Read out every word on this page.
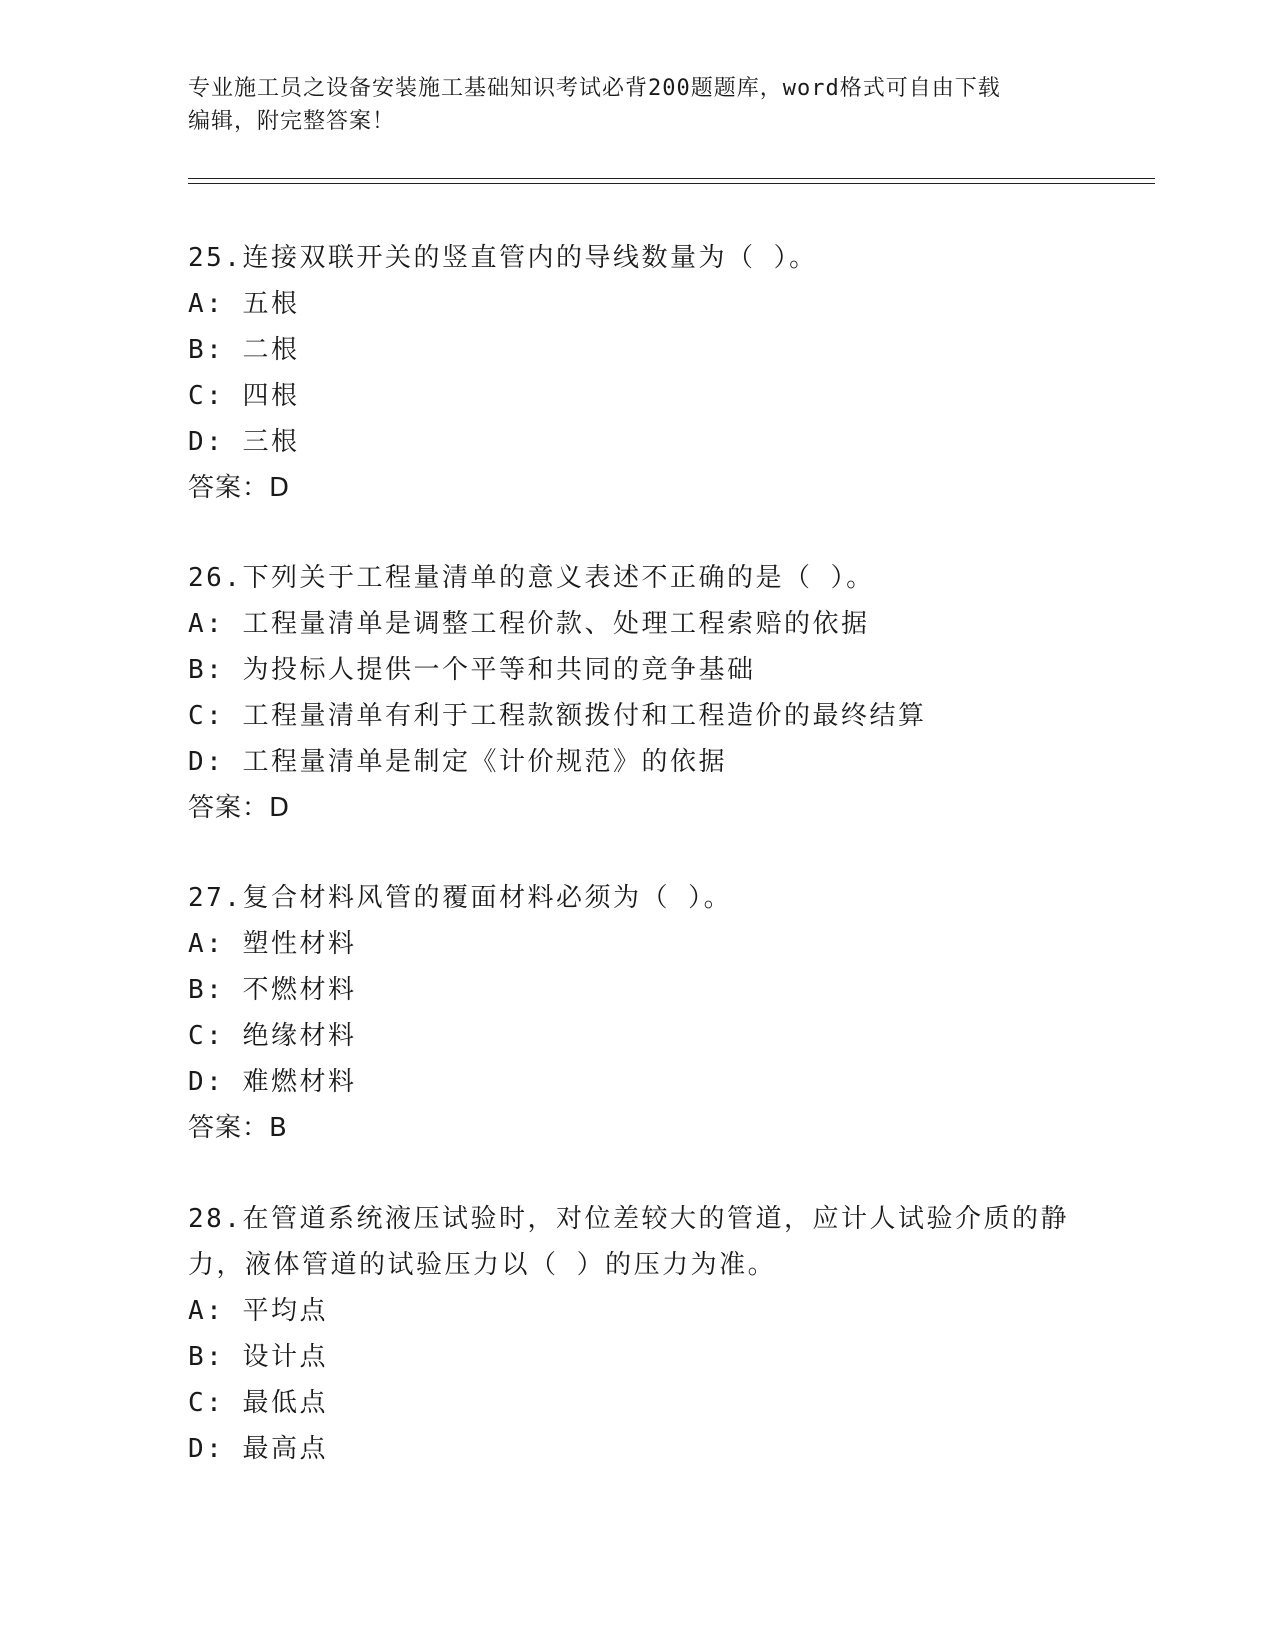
专业施工员之设备安装施工基础知识考试必背200题题库，word格式可自由下载
编辑，附完整答案！
25.连接双联开关的竖直管内的导线数量为（ ）。
A: 五根
B: 二根
C: 四根
D: 三根
答案：D
26.下列关于工程量清单的意义表述不正确的是（ ）。
A: 工程量清单是调整工程价款、处理工程索赔的依据
B: 为投标人提供一个平等和共同的竞争基础
C: 工程量清单有利于工程款额拨付和工程造价的最终结算
D: 工程量清单是制定《计价规范》的依据
答案：D
27.复合材料风管的覆面材料必须为（ ）。
A: 塑性材料
B: 不燃材料
C: 绝缘材料
D: 难燃材料
答案：B
28.在管道系统液压试验时，对位差较大的管道，应计人试验介质的静
力，液体管道的试验压力以（ ）的压力为准。
A: 平均点
B: 设计点
C: 最低点
D: 最高点
